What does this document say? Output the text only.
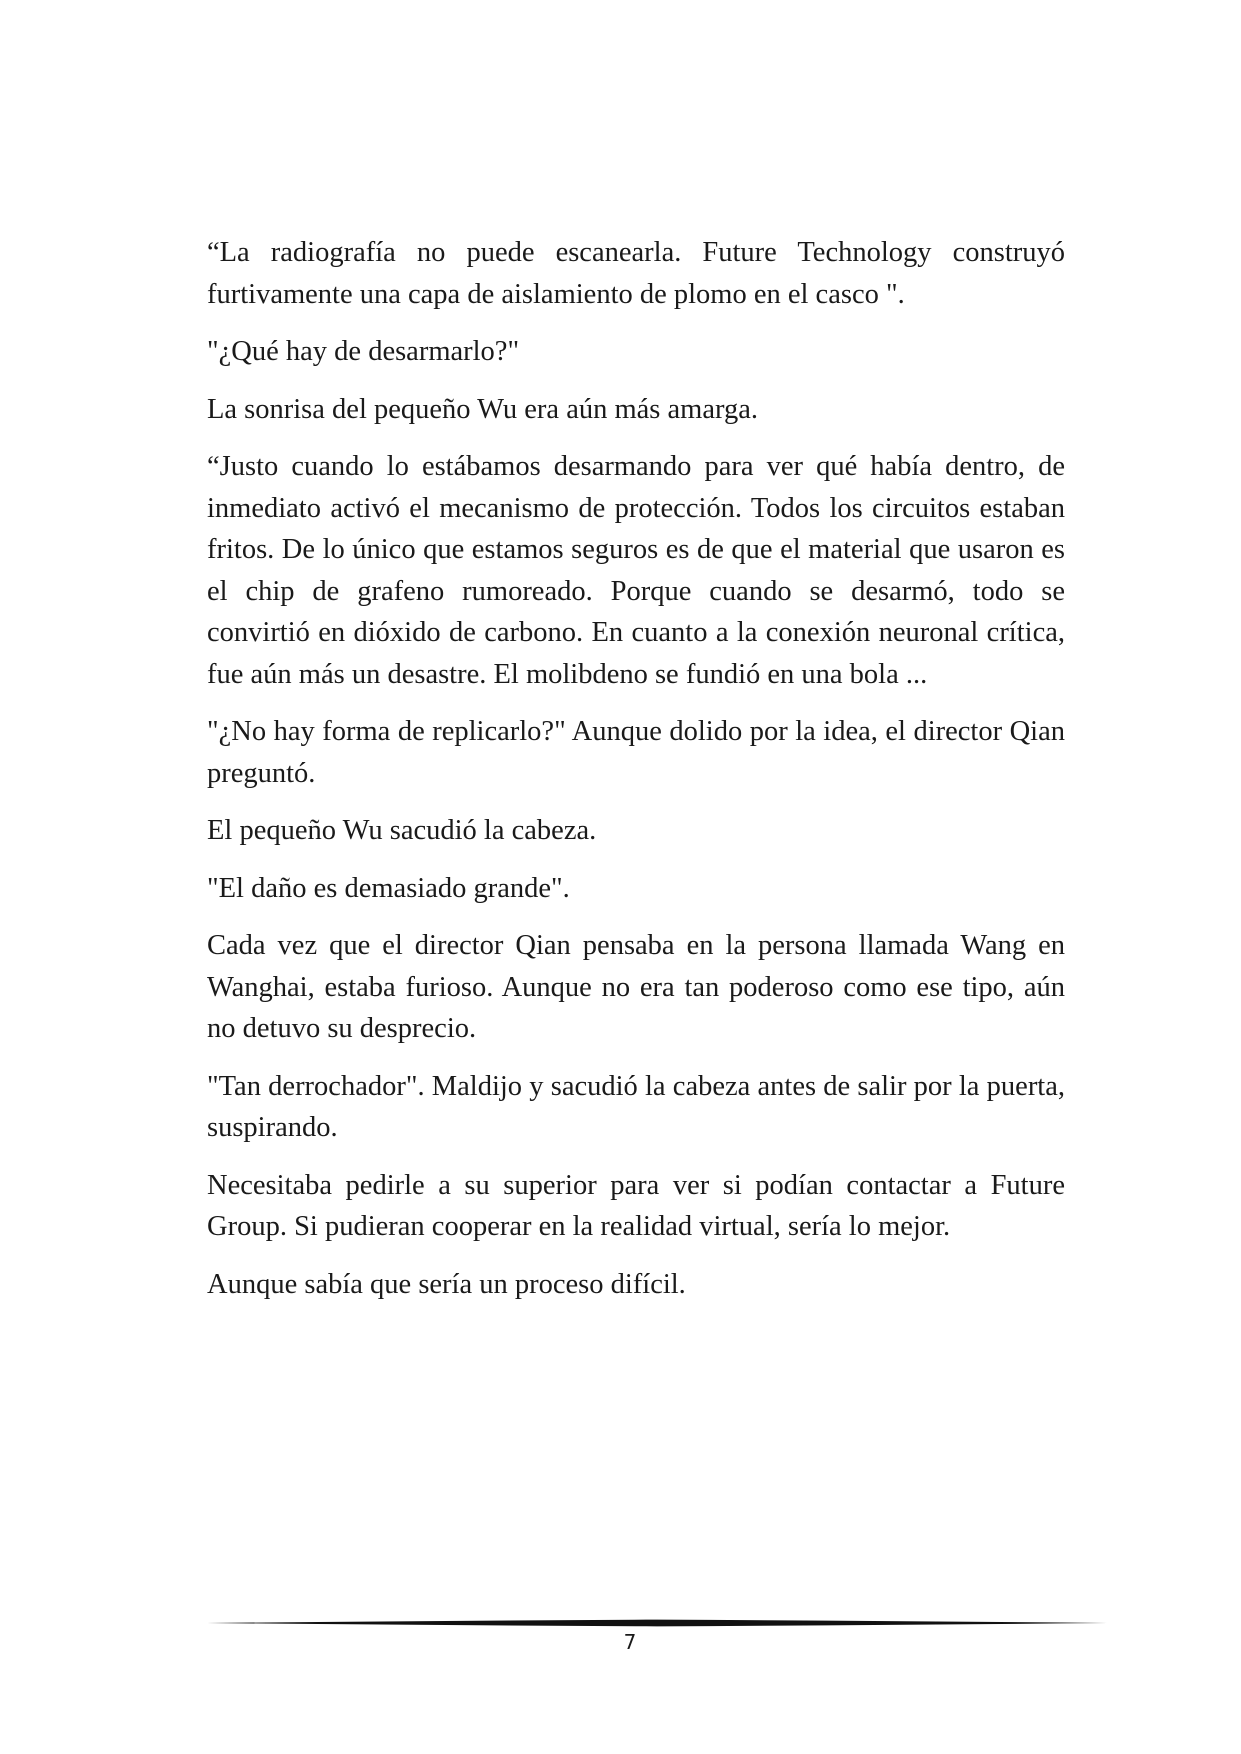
“La radiografía no puede escanearla. Future Technology construyó furtivamente una capa de aislamiento de plomo en el casco ".

"¿Qué hay de desarmarlo?"

La sonrisa del pequeño Wu era aún más amarga.

“Justo cuando lo estábamos desarmando para ver qué había dentro, de inmediato activó el mecanismo de protección. Todos los circuitos estaban fritos. De lo único que estamos seguros es de que el material que usaron es el chip de grafeno rumoreado. Porque cuando se desarmó, todo se convirtió en dióxido de carbono. En cuanto a la conexión neuronal crítica, fue aún más un desastre. El molibdeno se fundió en una bola ...

"¿No hay forma de replicarlo?" Aunque dolido por la idea, el director Qian preguntó.

El pequeño Wu sacudió la cabeza.

"El daño es demasiado grande".

Cada vez que el director Qian pensaba en la persona llamada Wang en Wanghai, estaba furioso. Aunque no era tan poderoso como ese tipo, aún no detuvo su desprecio.

"Tan derrochador". Maldijo y sacudió la cabeza antes de salir por la puerta, suspirando.

Necesitaba pedirle a su superior para ver si podían contactar a Future Group. Si pudieran cooperar en la realidad virtual, sería lo mejor.

Aunque sabía que sería un proceso difícil.

7
